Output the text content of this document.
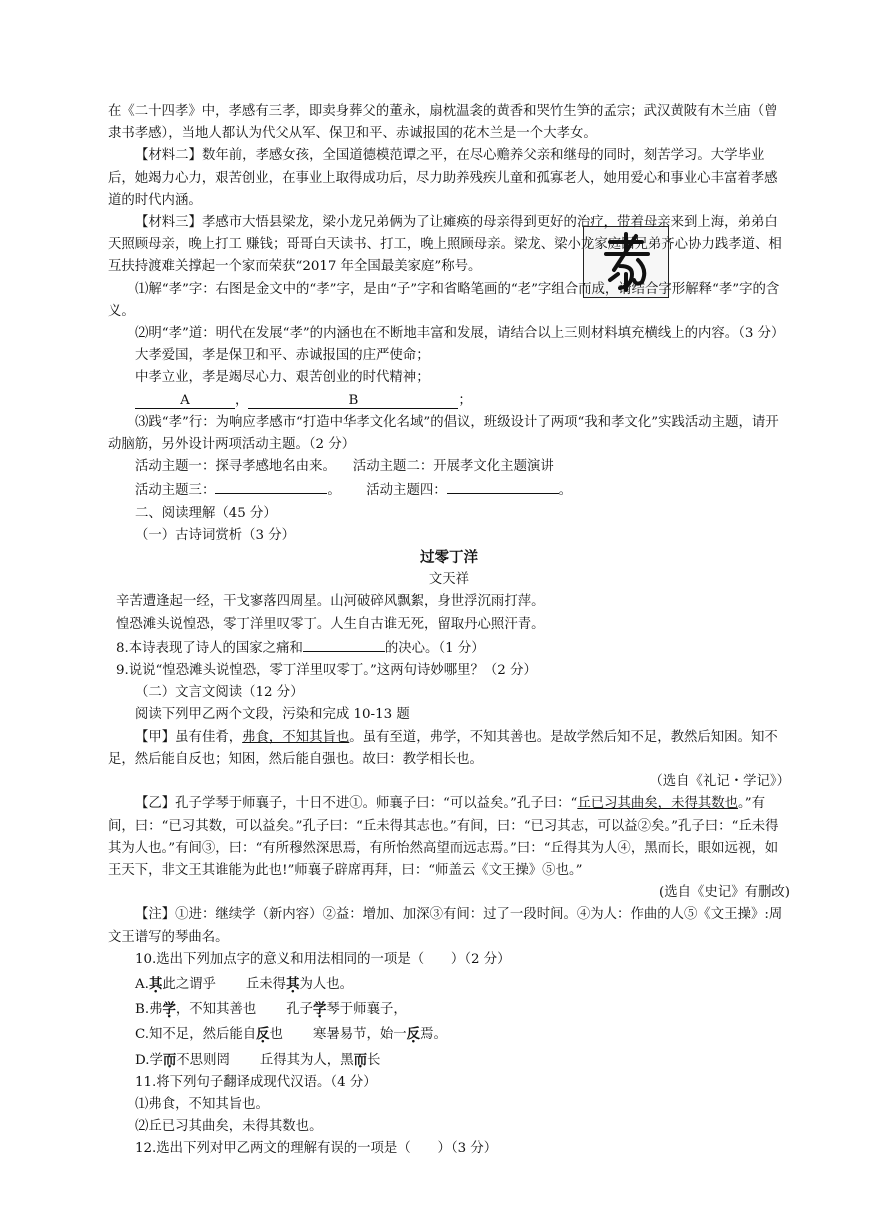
在《二十四孝》中，孝感有三孝，即卖身葬父的董永，扇枕温衾的黄香和哭竹生笋的孟宗；武汉黄陂有木兰庙（曾隶书孝感），当地人都认为代父从军、保卫和平、赤诚报国的花木兰是一个大孝女。

【材料二】数年前，孝感女孩，全国道德模范谭之平，在尽心赡养父亲和继母的同时，刻苦学习。大学毕业后，她竭力心力，艰苦创业，在事业上取得成功后，尽力助养残疾儿童和孤寡老人，她用爱心和事业心丰富着孝感道的时代内涵。

【材料三】孝感市大悟县梁龙，梁小龙兄弟俩为了让瘫痪的母亲得到更好的治疗，带着母亲来到上海，弟弟白天照顾母亲，晚上打工 赚钱；哥哥白天读书、打工，晚上照顾母亲。梁龙、梁小龙家庭因兄弟齐心协力践孝道、相互扶持渡难关撑起一个家而荣获“2017 年全国最美家庭”称号。

⑴解“孝”字：右图是金文中的“孝”字，是由“子”字和省略笔画的“老”字组合而成，请结合字形解释“孝”字的含义。

⑵明“孝”道：明代在发展“孝”的内涵也在不断地丰富和发展，请结合以上三则材料填充横线上的内容。（3 分）

大孝爱国，孝是保卫和平、赤诚报国的庄严使命；

中孝立业，孝是竭尽心力、艰苦创业的时代精神；

A	，	B	；

⑶践“孝”行：为响应孝感市“打造中华孝文化名域”的倡议，班级设计了两项“我和孝文化”实践活动主题，请开动脑筋，另外设计两项活动主题。（2 分）

活动主题一：探寻孝感地名由来。 活动主题二：开展孝文化主题演讲

活动主题三：	。 活动主题四：	。

二、阅读理解（45 分）

（一）古诗词赏析（3 分）

过零丁洋

文天祥

辛苦遭逢起一经，干戈寥落四周星。山河破碎风飘絮，身世浮沉雨打萍。

惶恐滩头说惶恐，零丁洋里叹零丁。人生自古谁无死，留取丹心照汗青。

8.本诗表现了诗人的国家之痛和	的决心。（1 分）

9.说说“惶恐滩头说惶恐，零丁洋里叹零丁。”这两句诗妙哪里？（2 分）

（二）文言文阅读（12 分）

阅读下列甲乙两个文段，污染和完成 10-13 题

【甲】虽有佳肴，弗食，不知其旨也。虽有至道，弗学，不知其善也。是故学然后知不足，教然后知困。知不足，然后能自反也；知困，然后能自强也。故曰：教学相长也。

（选自《礼记・学记》）

【乙】孔子学琴于师襄子，十日不进①。师襄子曰：“可以益矣。”孔子曰：“丘已习其曲矣，未得其数也。”有间，曰：“已习其数，可以益矣。”孔子曰：“丘未得其志也。”有间，曰：“已习其志，可以益②矣。”孔子曰：“丘未得其为人也。”有间③，曰：“有所穆然深思焉，有所怡然高望而远志焉。”曰：“丘得其为人④，黑而长，眼如远视，如王天下，非文王其谁能为此也!”师襄子辟席再拜，曰：“师盖云《文王操》⑤也。”

(选自《史记》有删改)

【注】①进：继续学（新内容）②益：增加、加深③有间：过了一段时间。④为人：作曲的人⑤《文王操》:周文王谱写的琴曲名。

10.选出下列加点字的意义和用法相同的一项是（　　）（2 分）

A.其此之谓乎 丘未得其为人也。

B.弗学，不知其善也 孔子学琴于师襄子，

C.知不足，然后能自反也 寒暑易节，始一反焉。

D.学而不思则罔 丘得其为人，黑而长

11.将下列句子翻译成现代汉语。（4 分）

⑴弗食，不知其旨也。

⑵丘已习其曲矣，未得其数也。

12.选出下列对甲乙两文的理解有误的一项是（　　）（3 分）
